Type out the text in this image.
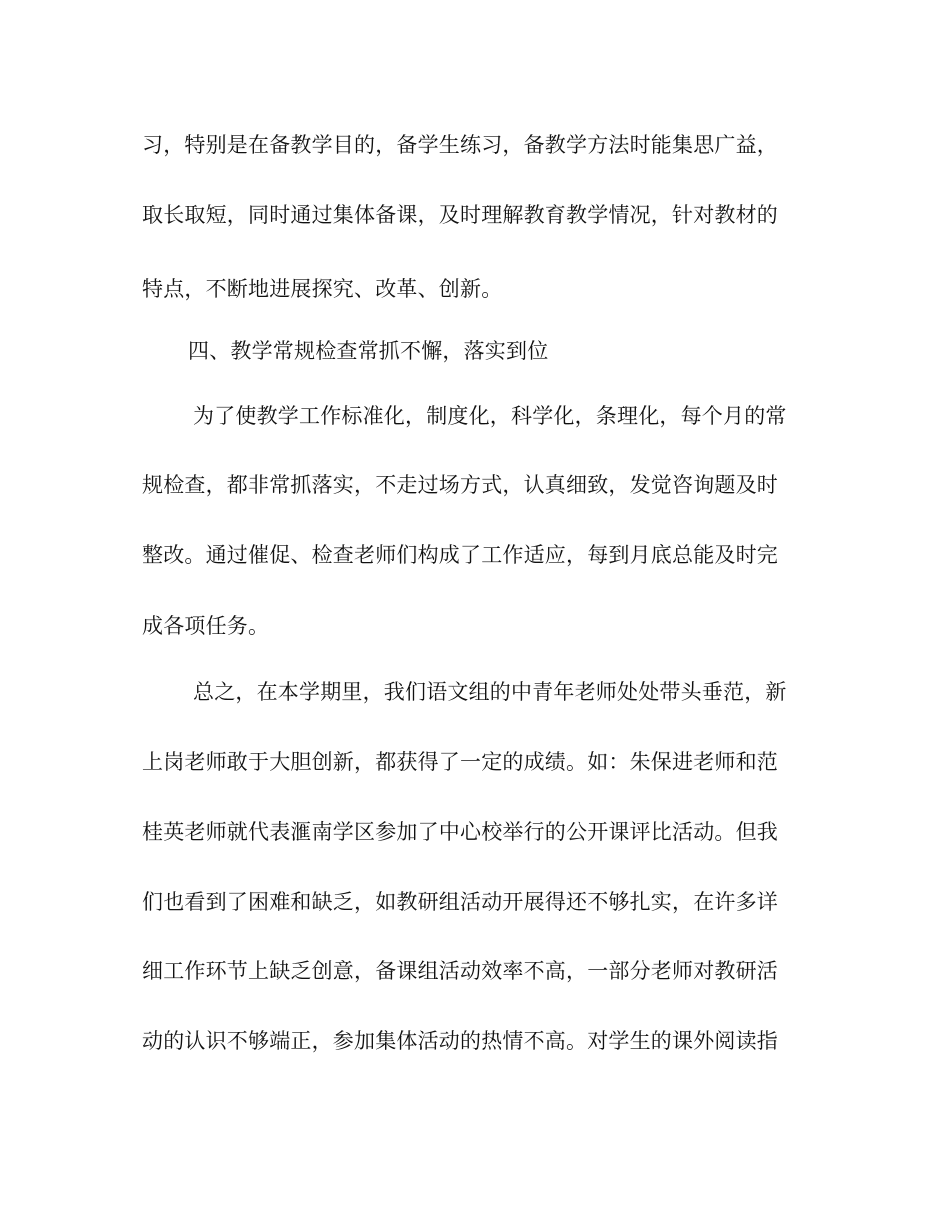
习，特别是在备教学目的，备学生练习，备教学方法时能集思广益，
取长取短，同时通过集体备课，及时理解教育教学情况，针对教材的
特点，不断地进展探究、改革、创新。
四、教学常规检查常抓不懈，落实到位
为了使教学工作标准化，制度化，科学化，条理化，每个月的常
规检查，都非常抓落实，不走过场方式，认真细致，发觉咨询题及时
整改。通过催促、检查老师们构成了工作适应，每到月底总能及时完
成各项任务。
总之，在本学期里，我们语文组的中青年老师处处带头垂范，新
上岗老师敢于大胆创新，都获得了一定的成绩。如：朱保进老师和范
桂英老师就代表滙南学区参加了中心校举行的公开课评比活动。但我
们也看到了困难和缺乏，如教研组活动开展得还不够扎实，在许多详
细工作环节上缺乏创意，备课组活动效率不高，一部分老师对教研活
动的认识不够端正，参加集体活动的热情不高。对学生的课外阅读指
